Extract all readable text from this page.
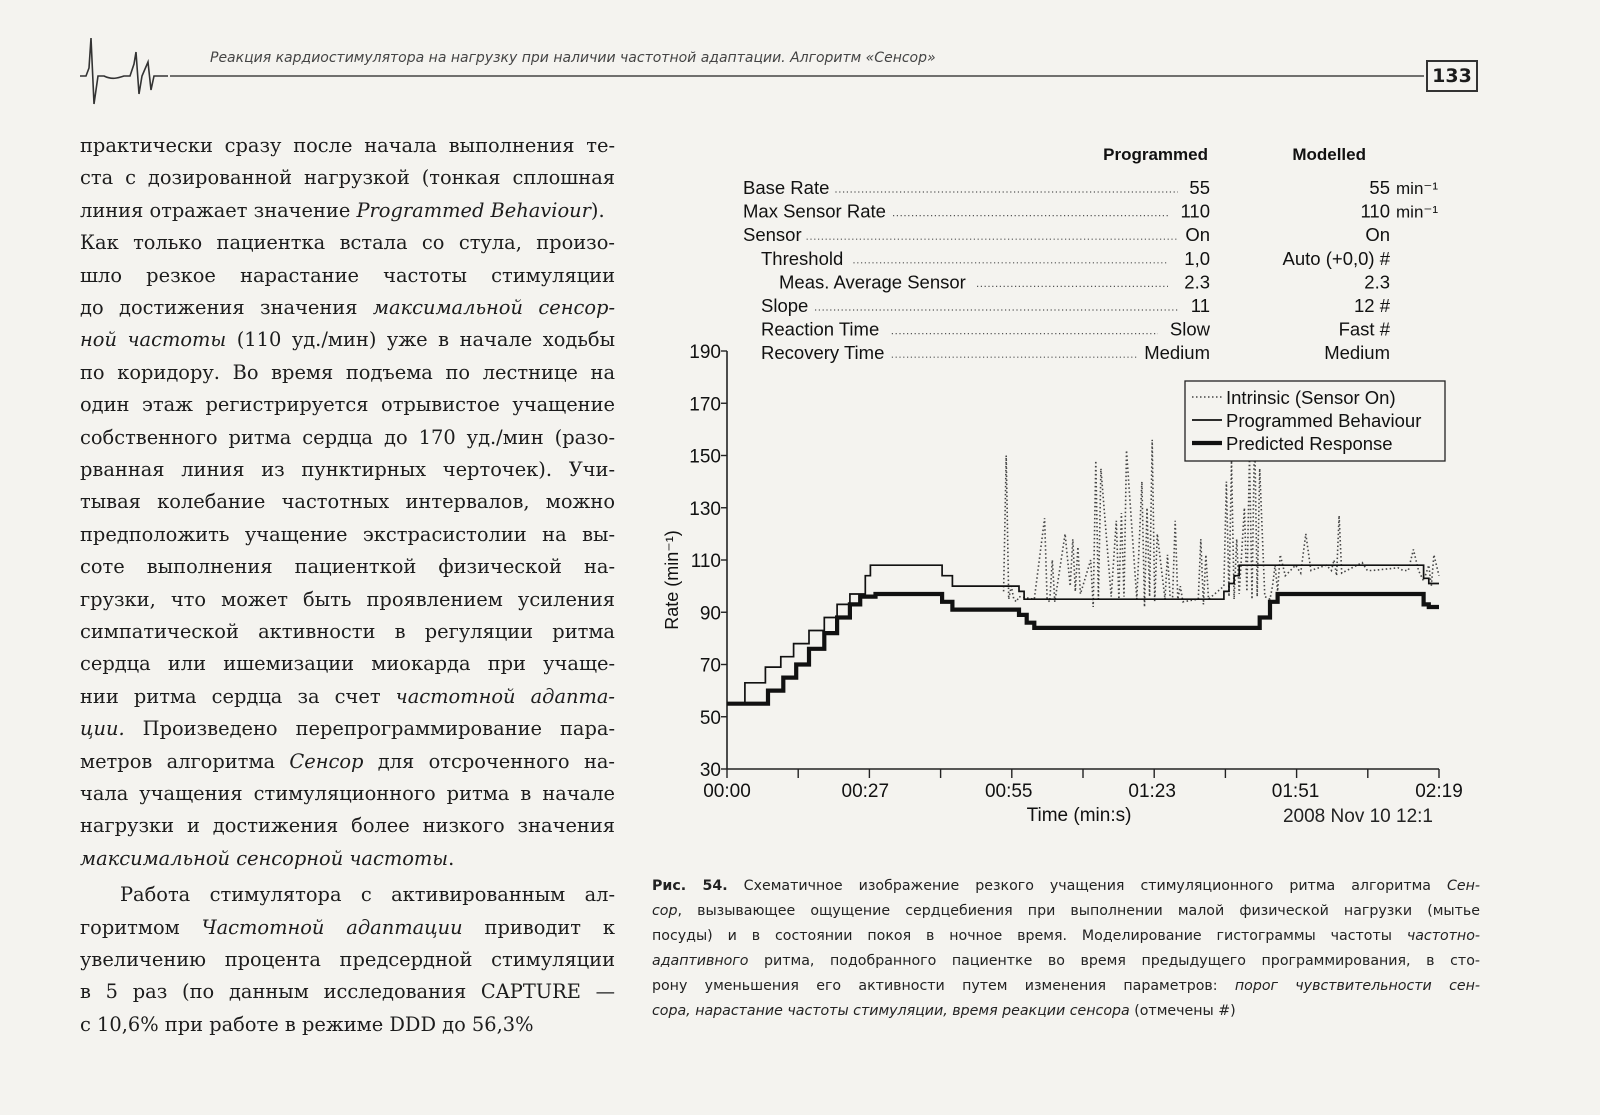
Реакция кардиостимулятора на нагрузку при наличии частотной адаптации. Алгоритм «Сенсор»
133
практически сразу после начала выполнения те-
ста с дозированной нагрузкой (тонкая сплошная
линия отражает значение Programmed Behaviour).
Как только пациентка встала со стула, произо-
шло резкое нарастание частоты стимуляции
до достижения значения максимальной сенсор-
ной частоты (110 уд./мин) уже в начале ходьбы
по коридору. Во время подъема по лестнице на
один этаж регистрируется отрывистое учащение
собственного ритма сердца до 170 уд./мин (разо-
рванная линия из пунктирных черточек). Учи-
тывая колебание частотных интервалов, можно
предположить учащение экстрасистолии на вы-
соте выполнения пациенткой физической на-
грузки, что может быть проявлением усиления
симпатической активности в регуляции ритма
сердца или ишемизации миокарда при учаще-
нии ритма сердца за счет частотной адапта-
ции. Произведено перепрограммирование пара-
метров алгоритма Сенсор для отсроченного на-
чала учащения стимуляционного ритма в начале
нагрузки и достижения более низкого значения
максимальной сенсорной частоты.
Работа стимулятора с активированным ал-
горитмом Частотной адаптации приводит к
увеличению процента предсердной стимуляции
в 5 раз (по данным исследования CAPTURE —
с 10,6% при работе в режиме DDD до 56,3%
Programmed	Modelled
Base Rate	55	55 min⁻¹
Max Sensor Rate	110	110 min⁻¹
Sensor	On	On
Threshold	1,0	Auto (+0,0) #
Meas. Average Sensor	2.3	2.3
Slope	11	12 #
Reaction Time	Slow	Fast #
Recovery Time	Medium	Medium
30
50
70
90
110
130
150
170
190
00:00	00:27	00:55	01:23	01:51	02:19
Time (min:s)
Rate (min⁻¹)
2008 Nov 10 12:1
Intrinsic (Sensor On)
Programmed Behaviour
Predicted Response
Рис. 54. Схематичное изображение резкого учащения стимуляционного ритма алгоритма Сен-
сор, вызывающее ощущение сердцебиения при выполнении малой физической нагрузки (мытье
посуды) и в состоянии покоя в ночное время. Моделирование гистограммы частоты частотно-
адаптивного ритма, подобранного пациентке во время предыдущего программирования, в сто-
рону уменьшения его активности путем изменения параметров: порог чувствительности сен-
сора, нарастание частоты стимуляции, время реакции сенсора (отмечены #)
